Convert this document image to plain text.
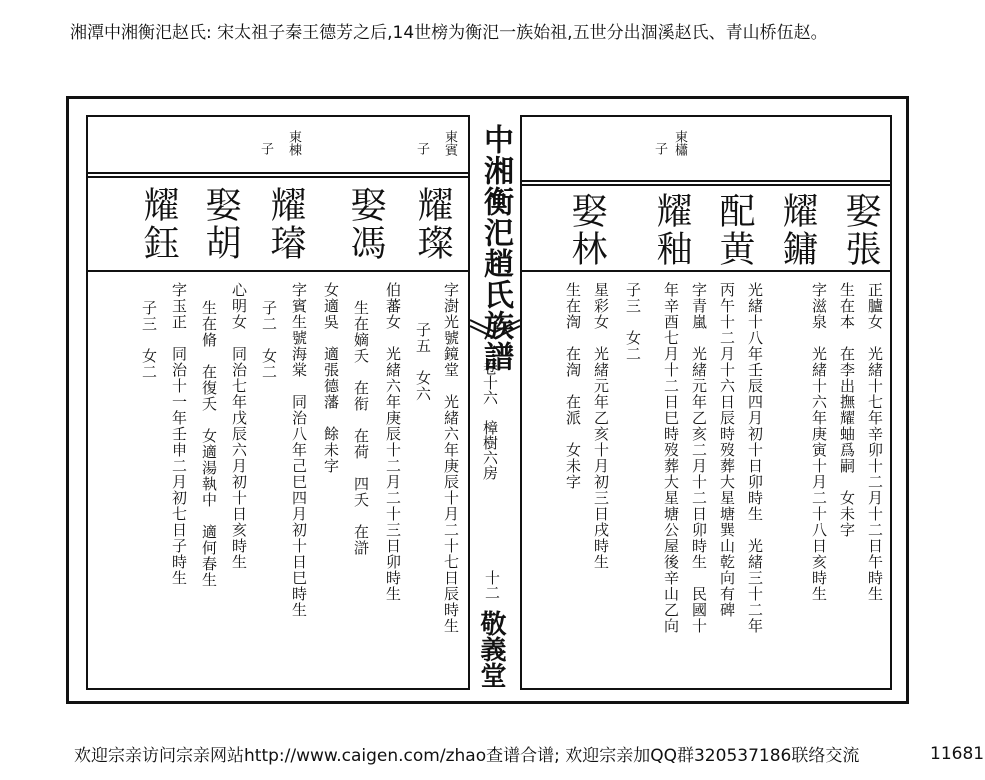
湘潭中湘衡汜赵氏: 宋太祖子秦王德芳之后,14世榜为衡汜一族始祖,五世分出涸溪赵氏、青山桥伍赵。
欢迎宗亲访问宗亲网站http://www.caigen.com/zhao查谱合谱; 欢迎宗亲加QQ群320537186联络交流	11681
中湘衡汜趙氏族譜
卷十六　樟樹六房
十二
敬義堂
東櫹
子
娶張
耀鏞
配黄
耀釉
娶林
正臚女　光緒十七年辛卯十二月十二日午時生
生在本　在李出撫耀蚰爲嗣　女未字
字滋泉　光緒十六年庚寅十月二十八日亥時生
光緒十八年壬辰四月初十日卯時生　光緒三十二年
丙午十二月十六日辰時歿葬大星塘巽山乾向有碑
字青嵐　光緒元年乙亥二月十二日卯時生　民國十
年辛酉七月十二日巳時歿葬大星塘公屋後辛山乙向
子三　女二
星彩女　光緒元年乙亥十月初三日戌時生
生在渹　在渹　在派　女未字
東賓
子
東棟
子
耀璨
娶馮
耀璿
娶胡
耀鈺
字澍光號鏡堂　光緒六年庚辰十月二十七日辰時生
子五　女六
伯蕃女　光緒六年庚辰十二月二十三日卯時生
生在嫡夭　在衔　在荷　四夭　在滸
女適吳　適張德藩　餘未字
字賓生號海棠　同治八年己巳四月初十日巳時生
子二　女二
心明女　同治七年戊辰六月初十日亥時生
生在脩　在復夭　女適湯執中　適何春生
字玉正　同治十一年壬申二月初七日子時生
子三　女二
